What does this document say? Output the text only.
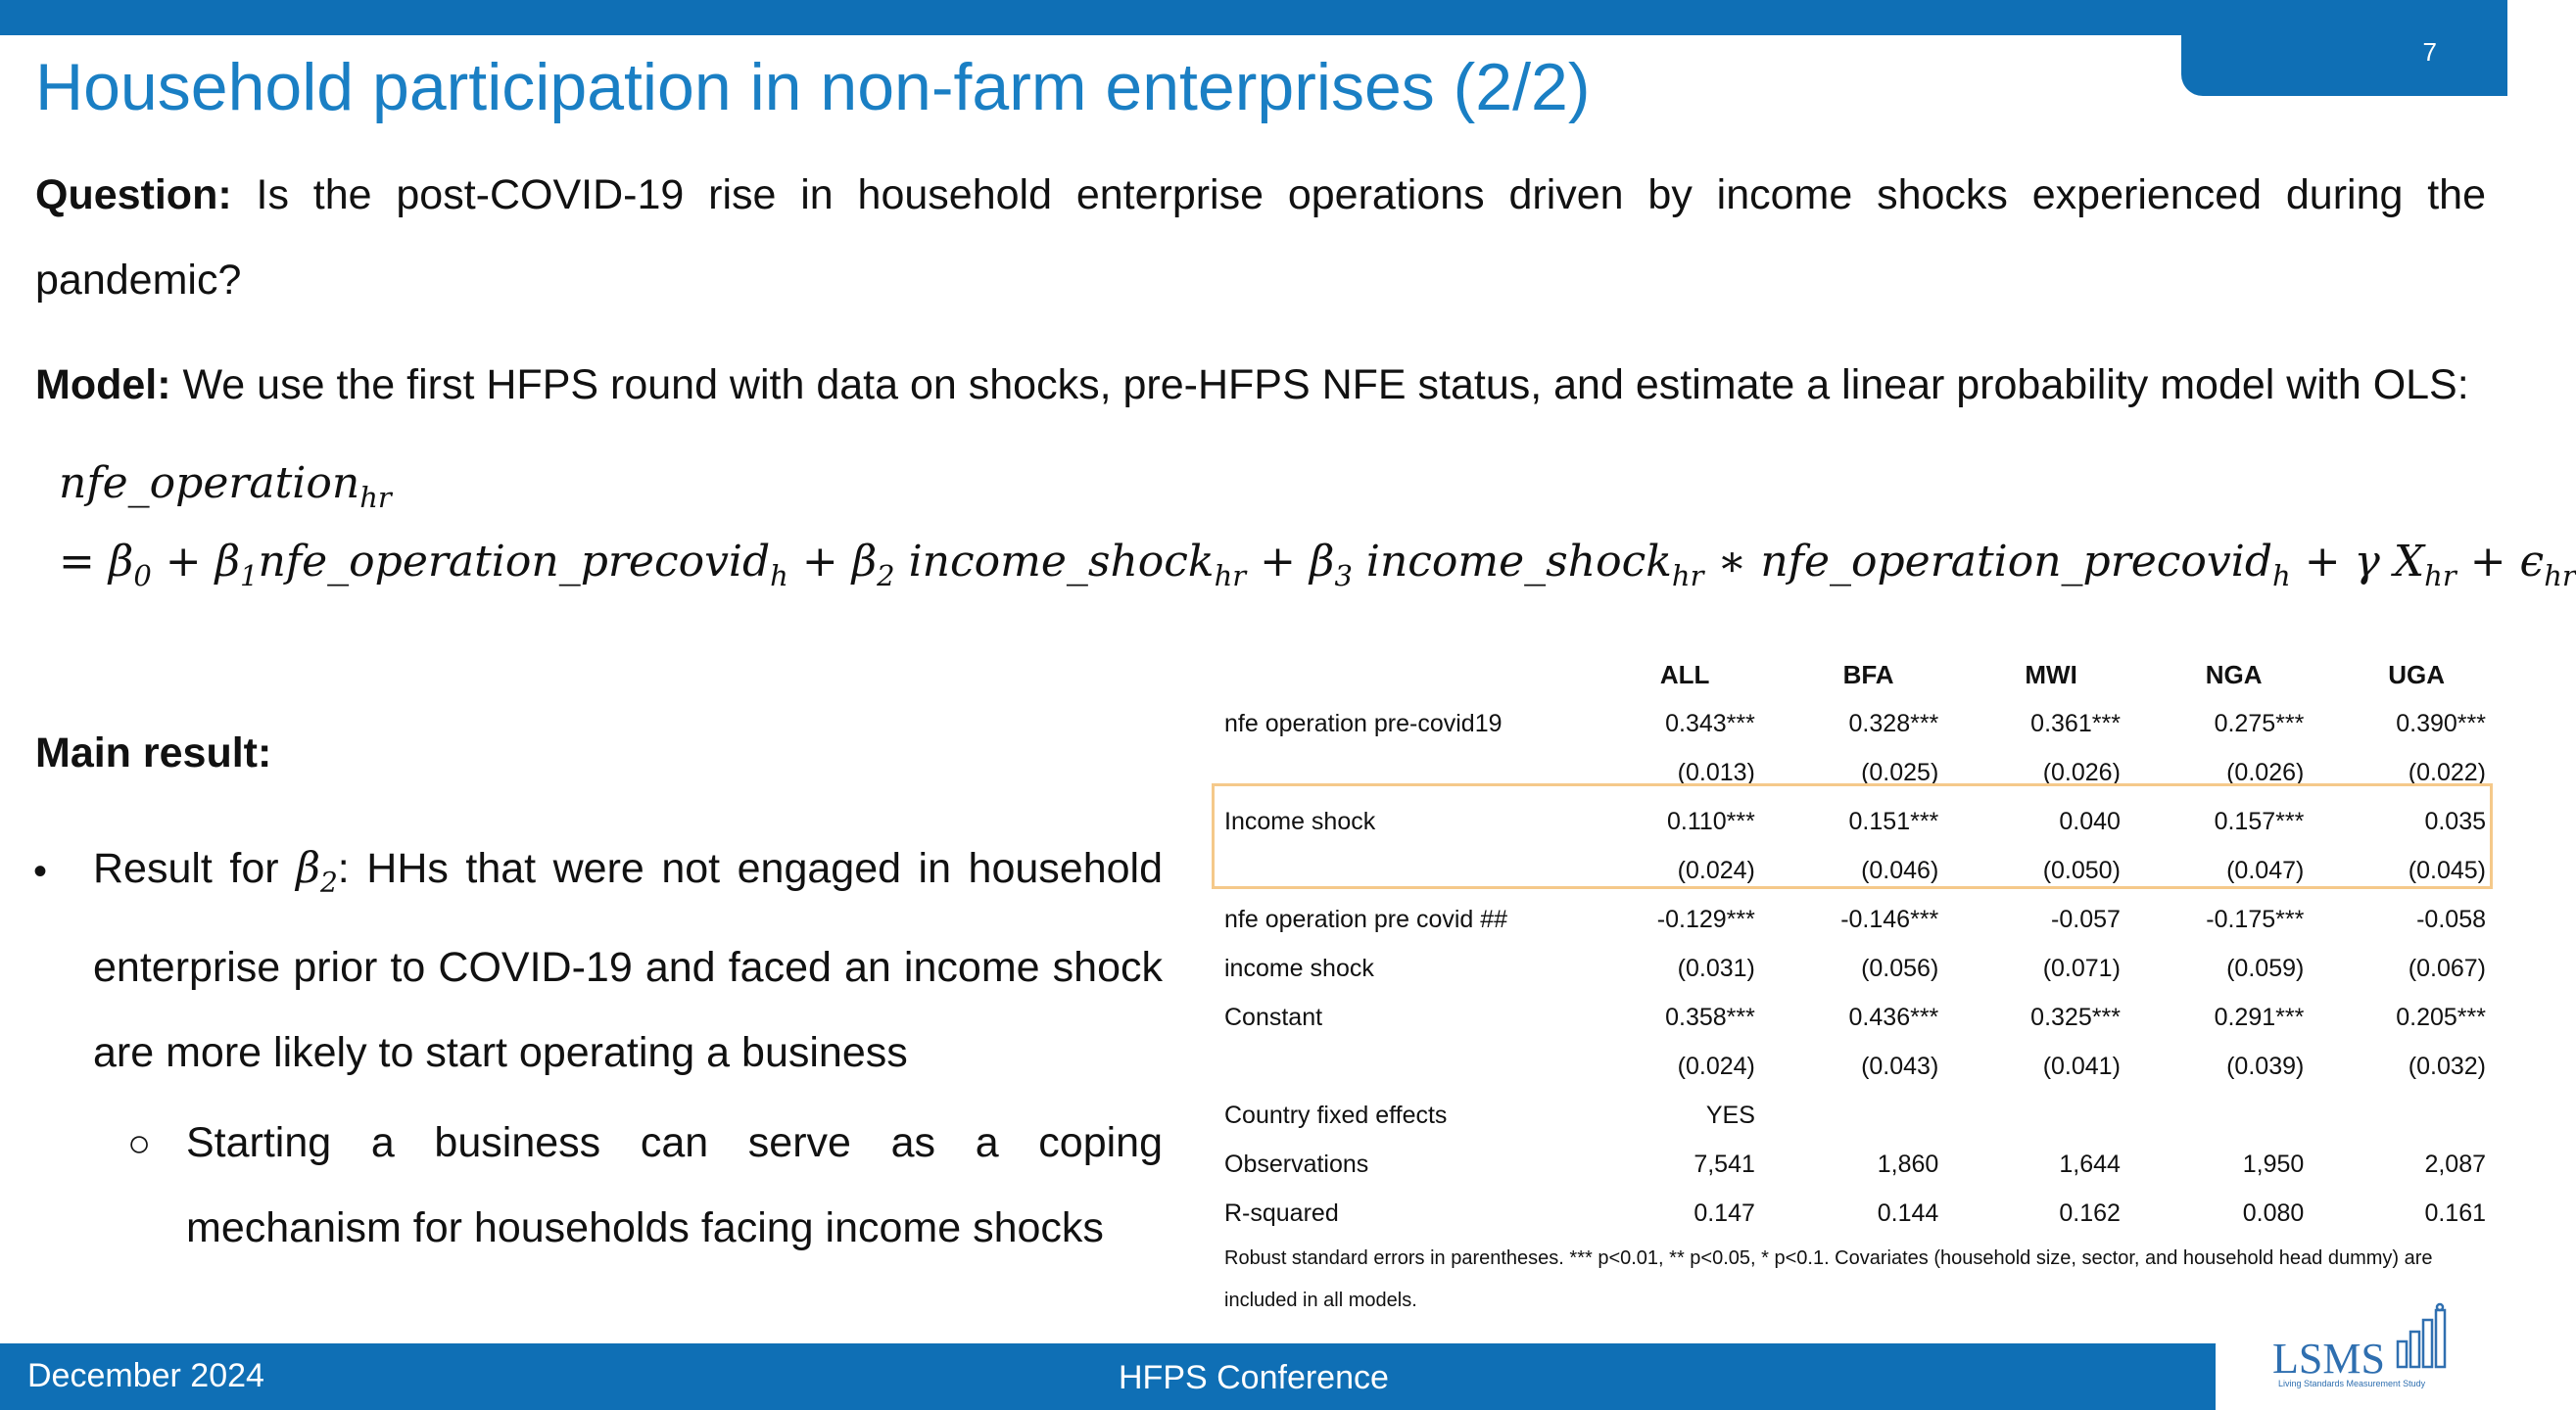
7
Household participation in non-farm enterprises (2/2)
Question: Is the post-COVID-19 rise in household enterprise operations driven by income shocks experienced during the pandemic?
Model: We use the first HFPS round with data on shocks, pre-HFPS NFE status, and estimate a linear probability model with OLS:
nfe_operation$_{hr}$
= $\beta_0$ + $\beta_1nfe\_operation\_precovid_h + \beta_2$ income_shock$_{hr}$ + $\beta_3$ income_shock$_{hr}$ ∗ nfe_operation_precovid$_h$ + γ $X_{hr} + \epsilon_{hr}$
Main result:
• Result for $\beta_2$: HHs that were not engaged in household enterprise prior to COVID-19 and faced an income shock are more likely to start operating a business
○ Starting a business can serve as a coping mechanism for households facing income shocks
	ALL	BFA	MWI	NGA	UGA
nfe operation pre-covid19	0.343***	0.328***	0.361***	0.275***	0.390***
	(0.013)	(0.025)	(0.026)	(0.026)	(0.022)
Income shock	0.110***	0.151***	0.040	0.157***	0.035
	(0.024)	(0.046)	(0.050)	(0.047)	(0.045)
nfe operation pre covid ##	-0.129***	-0.146***	-0.057	-0.175***	-0.058
income shock	(0.031)	(0.056)	(0.071)	(0.059)	(0.067)
Constant	0.358***	0.436***	0.325***	0.291***	0.205***
	(0.024)	(0.043)	(0.041)	(0.039)	(0.032)
Country fixed effects	YES				
Observations	7,541	1,860	1,644	1,950	2,087
R-squared	0.147	0.144	0.162	0.080	0.161
Robust standard errors in parentheses. *** p<0.01, ** p<0.05, * p<0.1. Covariates (household size, sector, and household head dummy) are included in all models.
December 2024	HFPS Conference	LSMS
Living Standards Measurement Study
